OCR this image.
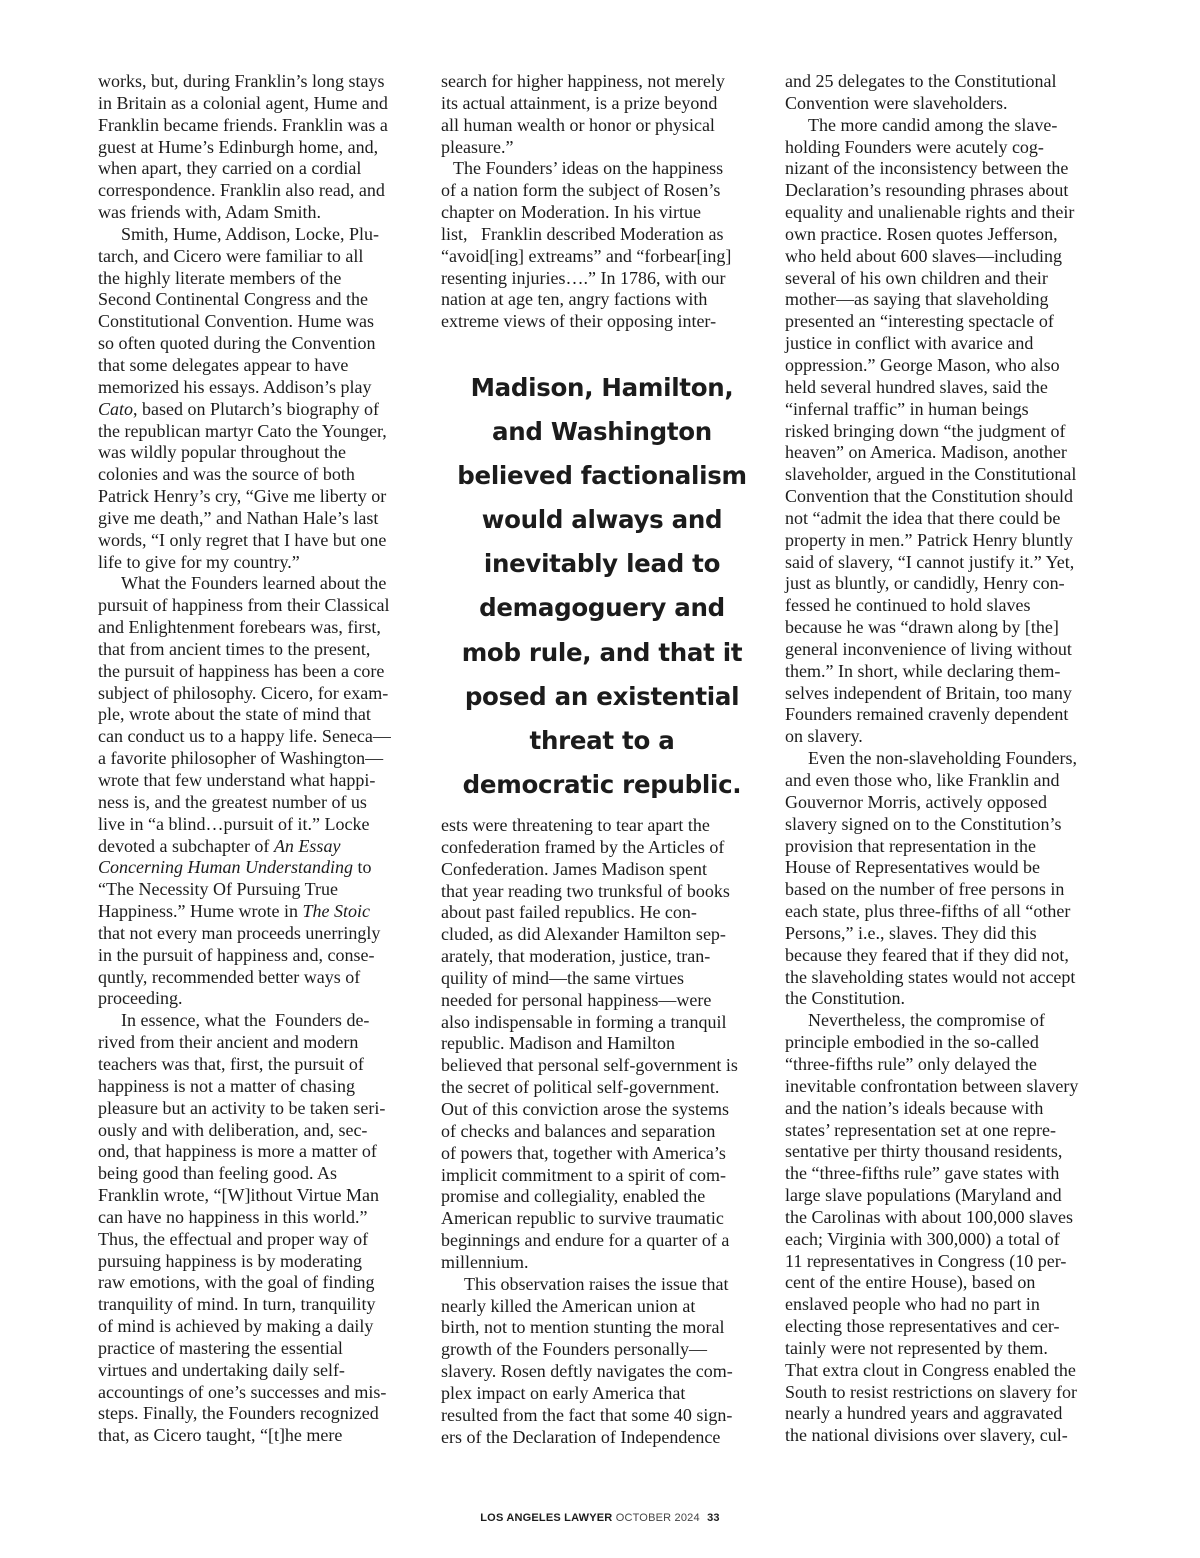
works, but, during Franklin’s long stays
in Britain as a colonial agent, Hume and
Franklin became friends. Franklin was a
guest at Hume’s Edinburgh home, and,
when apart, they carried on a cordial
correspondence. Franklin also read, and
was friends with, Adam Smith.
Smith, Hume, Addison, Locke, Plu-
tarch, and Cicero were familiar to all
the highly literate members of the
Second Continental Congress and the
Constitutional Convention. Hume was
so often quoted during the Convention
that some delegates appear to have
memorized his essays. Addison’s play
Cato, based on Plutarch’s biography of
the republican martyr Cato the Younger,
was wildly popular throughout the
colonies and was the source of both
Patrick Henry’s cry, “Give me liberty or
give me death,” and Nathan Hale’s last
words, “I only regret that I have but one
life to give for my country.”
What the Founders learned about the
pursuit of happiness from their Classical
and Enlightenment forebears was, first,
that from ancient times to the present,
the pursuit of happiness has been a core
subject of philosophy. Cicero, for exam-
ple, wrote about the state of mind that
can conduct us to a happy life. Seneca—
a favorite philosopher of Washington—
wrote that few understand what happi-
ness is, and the greatest number of us
live in “a blind…pursuit of it.” Locke
devoted a subchapter of An Essay
Concerning Human Understanding to
“The Necessity Of Pursuing True
Happiness.” Hume wrote in The Stoic
that not every man proceeds unerringly
in the pursuit of happiness and, conse-
quntly, recommended better ways of
proceeding.
In essence, what the  Founders de-
rived from their ancient and modern
teachers was that, first, the pursuit of
happiness is not a matter of chasing
pleasure but an activity to be taken seri-
ously and with deliberation, and, sec-
ond, that happiness is more a matter of
being good than feeling good. As
Franklin wrote, “[W]ithout Virtue Man
can have no happiness in this world.”
Thus, the effectual and proper way of
pursuing happiness is by moderating
raw emotions, with the goal of finding
tranquility of mind. In turn, tranquility
of mind is achieved by making a daily
practice of mastering the essential
virtues and undertaking daily self-
accountings of one’s successes and mis-
steps. Finally, the Founders recognized
that, as Cicero taught, “[t]he mere
search for higher happiness, not merely
its actual attainment, is a prize beyond
all human wealth or honor or physical
pleasure.”
The Founders’ ideas on the happiness
of a nation form the subject of Rosen’s
chapter on Moderation. In his virtue
list,   Franklin described Moderation as
“avoid[ing] extreams” and “forbear[ing]
resenting injuries….” In 1786, with our
nation at age ten, angry factions with
extreme views of their opposing inter-
Madison, Hamilton,
and Washington
believed factionalism
would always and
inevitably lead to
demagoguery and
mob rule, and that it
posed an existential
threat to a
democratic republic.
ests were threatening to tear apart the
confederation framed by the Articles of
Confederation. James Madison spent
that year reading two trunksful of books
about past failed republics. He con-
cluded, as did Alexander Hamilton sep-
arately, that moderation, justice, tran-
quility of mind—the same virtues
needed for personal happiness—were
also indispensable in forming a tranquil
republic. Madison and Hamilton
believed that personal self-government is
the secret of political self-government.
Out of this conviction arose the systems
of checks and balances and separation
of powers that, together with America’s
implicit commitment to a spirit of com-
promise and collegiality, enabled the
American republic to survive traumatic
beginnings and endure for a quarter of a
millennium.
This observation raises the issue that
nearly killed the American union at
birth, not to mention stunting the moral
growth of the Founders personally—
slavery. Rosen deftly navigates the com-
plex impact on early America that
resulted from the fact that some 40 sign-
ers of the Declaration of Independence
and 25 delegates to the Constitutional
Convention were slaveholders.
The more candid among the slave-
holding Founders were acutely cog-
nizant of the inconsistency between the
Declaration’s resounding phrases about
equality and unalienable rights and their
own practice. Rosen quotes Jefferson,
who held about 600 slaves—including
several of his own children and their
mother—as saying that slaveholding
presented an “interesting spectacle of
justice in conflict with avarice and
oppression.” George Mason, who also
held several hundred slaves, said the
“infernal traffic” in human beings
risked bringing down “the judgment of
heaven” on America. Madison, another
slaveholder, argued in the Constitutional
Convention that the Constitution should
not “admit the idea that there could be
property in men.” Patrick Henry bluntly
said of slavery, “I cannot justify it.” Yet,
just as bluntly, or candidly, Henry con-
fessed he continued to hold slaves
because he was “drawn along by [the]
general inconvenience of living without
them.” In short, while declaring them-
selves independent of Britain, too many
Founders remained cravenly dependent
on slavery.
Even the non-slaveholding Founders,
and even those who, like Franklin and
Gouvernor Morris, actively opposed
slavery signed on to the Constitution’s
provision that representation in the
House of Representatives would be
based on the number of free persons in
each state, plus three-fifths of all “other
Persons,” i.e., slaves. They did this
because they feared that if they did not,
the slaveholding states would not accept
the Constitution.
Nevertheless, the compromise of
principle embodied in the so-called
“three-fifths rule” only delayed the
inevitable confrontation between slavery
and the nation’s ideals because with
states’ representation set at one repre-
sentative per thirty thousand residents,
the “three-fifths rule” gave states with
large slave populations (Maryland and
the Carolinas with about 100,000 slaves
each; Virginia with 300,000) a total of
11 representatives in Congress (10 per-
cent of the entire House), based on
enslaved people who had no part in
electing those representatives and cer-
tainly were not represented by them.
That extra clout in Congress enabled the
South to resist restrictions on slavery for
nearly a hundred years and aggravated
the national divisions over slavery, cul-
LOS ANGELES LAWYER OCTOBER 2024 33
